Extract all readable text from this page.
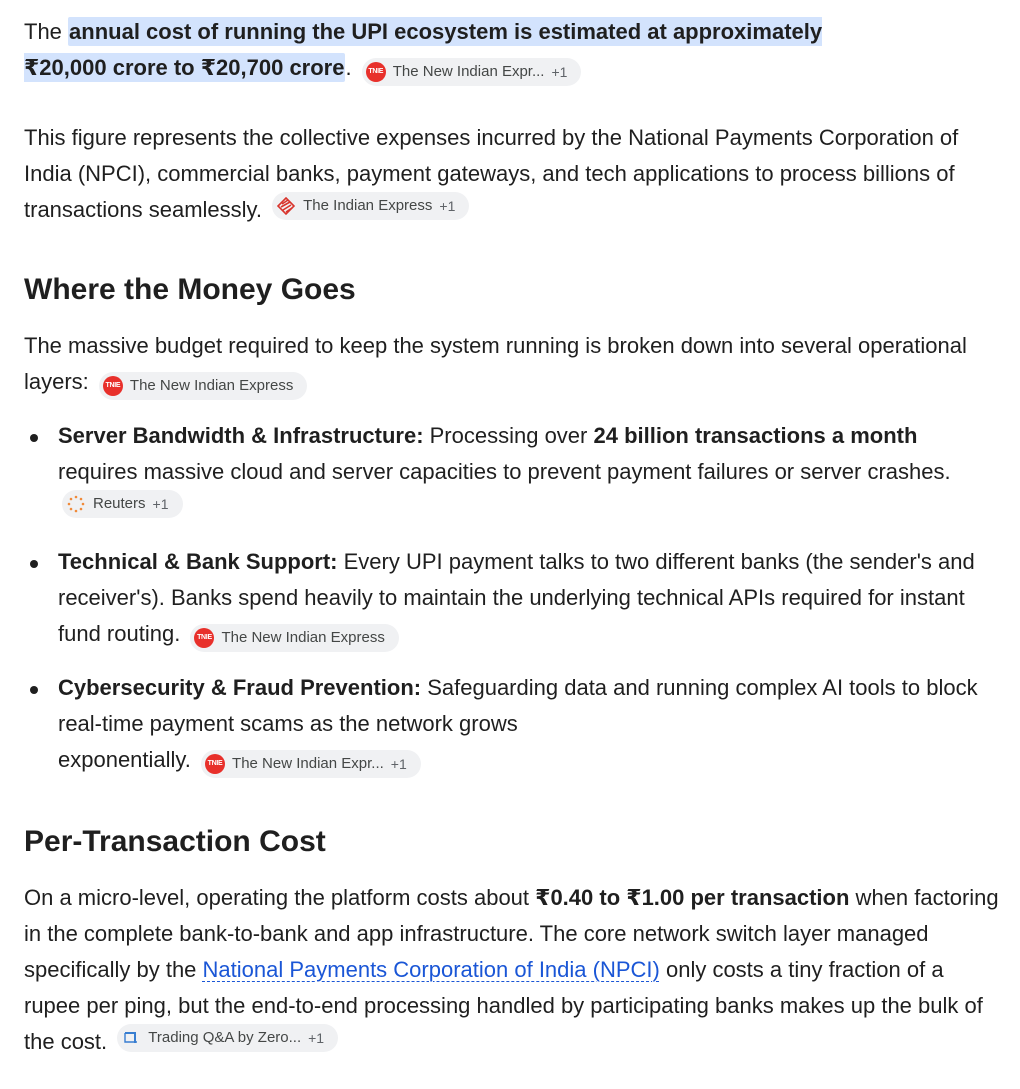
The annual cost of running the UPI ecosystem is estimated at approximately
₹20,000 crore to ₹20,700 crore.	TNIE The New Indian Expr... +1

This figure represents the collective expenses incurred by the National Payments Corporation of India (NPCI), commercial banks, payment gateways, and tech applications to process billions of transactions seamlessly.	The Indian Express +1

Where the Money Goes

The massive budget required to keep the system running is broken down into several operational layers:	TNIE The New Indian Express

Server Bandwidth & Infrastructure: Processing over 24 billion transactions a month requires massive cloud and server capacities to prevent payment failures or server crashes.
Reuters +1
Technical & Bank Support: Every UPI payment talks to two different banks (the sender's and receiver's). Banks spend heavily to maintain the underlying technical APIs required for instant fund routing.	TNIE The New Indian Express
Cybersecurity & Fraud Prevention: Safeguarding data and running complex AI tools to block real-time payment scams as the network grows
exponentially.	TNIE The New Indian Expr... +1
Per-Transaction Cost

On a micro-level, operating the platform costs about ₹0.40 to ₹1.00 per transaction when factoring in the complete bank-to-bank and app infrastructure. The core network switch layer managed specifically by the National Payments Corporation of India (NPCI) only costs a tiny fraction of a rupee per ping, but the end-to-end processing handled by participating banks makes up the bulk of the cost.	Trading Q&A by Zero... +1
